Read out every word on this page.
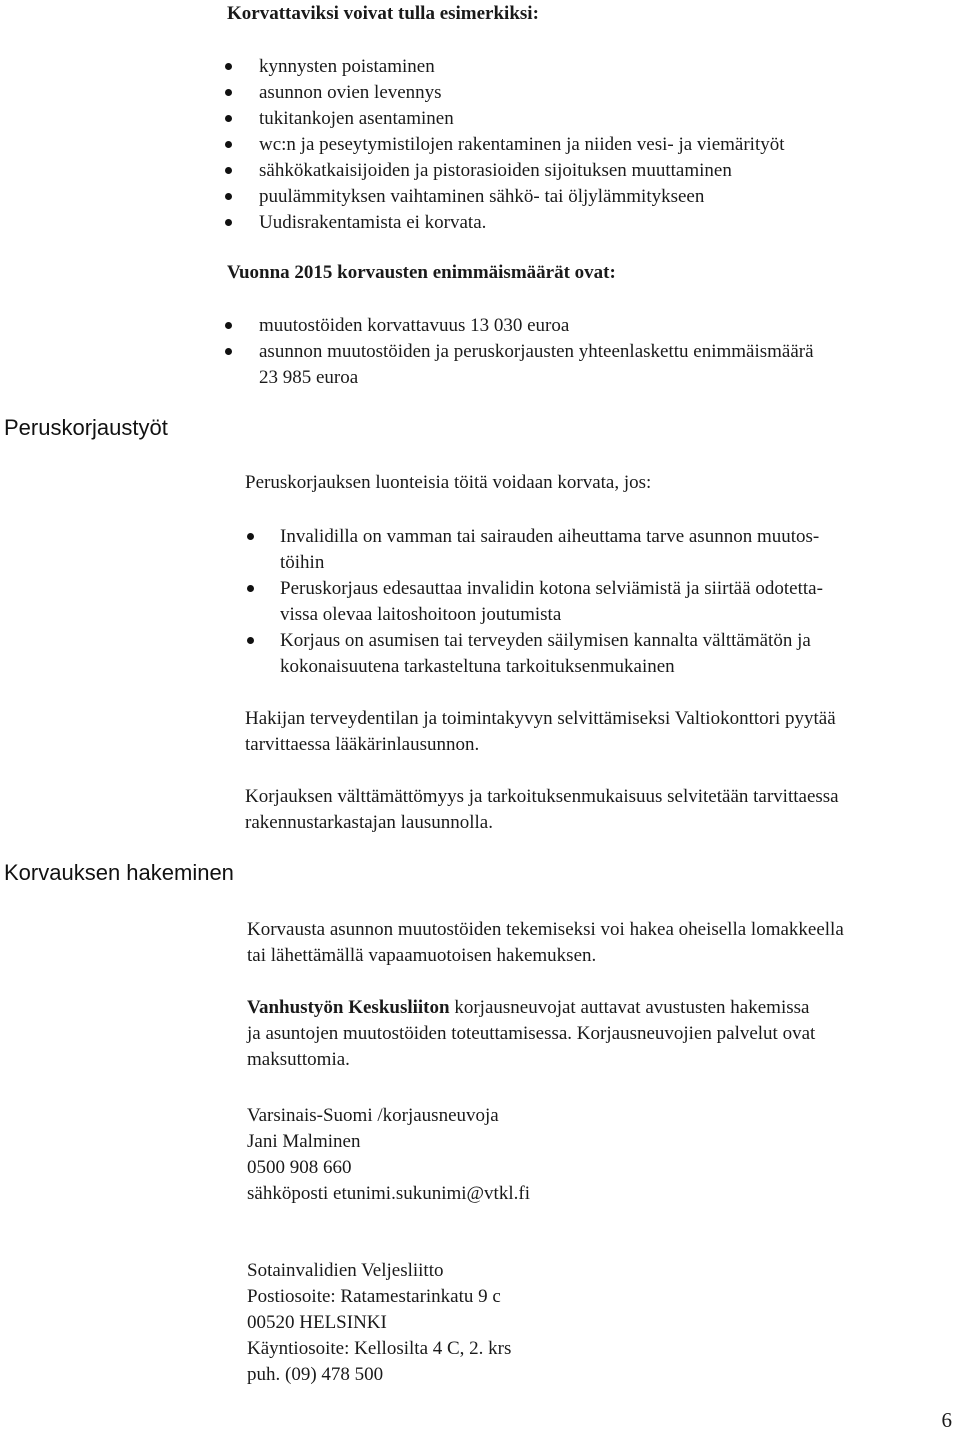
Korvattaviksi voivat tulla esimerkiksi:
kynnysten poistaminen
asunnon ovien levennys
tukitankojen asentaminen
wc:n ja peseytymistilojen rakentaminen ja niiden vesi- ja viemärityöt
sähkökatkaisijoiden ja pistorasioiden sijoituksen muuttaminen
puulämmityksen vaihtaminen sähkö- tai öljylämmitykseen
Uudisrakentamista ei korvata.
Vuonna 2015 korvausten enimmäismäärät ovat:
muutostöiden korvattavuus 13 030 euroa
asunnon muutostöiden ja peruskorjausten yhteenlaskettu enimmäismäärä
23 985 euroa
Peruskorjaustyöt
Peruskorjauksen luonteisia töitä voidaan korvata, jos:
Invalidilla on vamman tai sairauden aiheuttama tarve asunnon muutos-
töihin
Peruskorjaus edesauttaa invalidin kotona selviämistä ja siirtää odotetta-
vissa olevaa laitoshoitoon joutumista
Korjaus on asumisen tai terveyden säilymisen kannalta välttämätön ja
kokonaisuutena tarkasteltuna tarkoituksenmukainen
Hakijan terveydentilan ja toimintakyvyn selvittämiseksi Valtiokonttori pyytää
tarvittaessa lääkärinlausunnon.
Korjauksen välttämättömyys ja tarkoituksenmukaisuus selvitetään tarvittaessa
rakennustarkastajan lausunnolla.
Korvauksen hakeminen
Korvausta asunnon muutostöiden tekemiseksi voi hakea oheisella lomakkeella
tai lähettämällä vapaamuotoisen hakemuksen.
Vanhustyön Keskusliiton korjausneuvojat auttavat avustusten hakemissa
ja asuntojen muutostöiden toteuttamisessa. Korjausneuvojien palvelut ovat
maksuttomia.
Varsinais-Suomi /korjausneuvoja
Jani Malminen
0500 908 660
sähköposti etunimi.sukunimi@vtkl.fi
Sotainvalidien Veljesliitto
Postiosoite: Ratamestarinkatu 9 c
00520 HELSINKI
Käyntiosoite: Kellosilta 4 C, 2. krs
puh. (09) 478 500
6
